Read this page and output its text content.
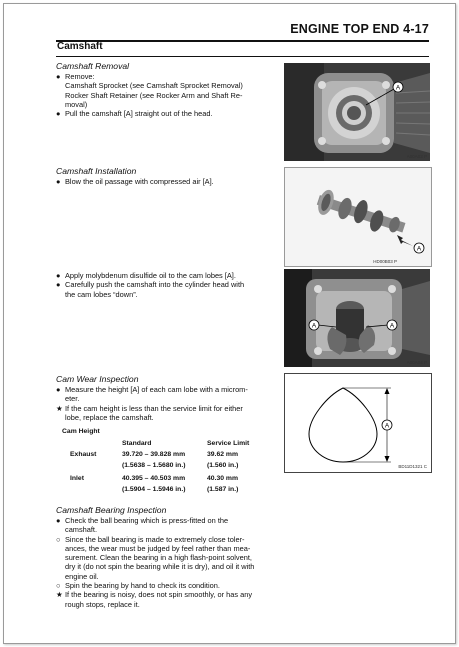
ENGINE TOP END 4-17
Camshaft
Camshaft Removal
● Remove:
Camshaft Sprocket (see Camshaft Sprocket Removal)
Rocker Shaft Retainer (see Rocker Arm and Shaft Re-
moval)
● Pull the camshaft [A] straight out of the head.
Camshaft Installation
● Blow the oil passage with compressed air [A].
● Apply molybdenum disulfide oil to the cam lobes [A].
● Carefully push the camshaft into the cylinder head with
the cam lobes “down”.
Cam Wear Inspection
● Measure the height [A] of each cam lobe with a microm-
eter.
★ If the cam height is less than the service limit for either
lobe, replace the camshaft.
Cam Height
Standard	Service Limit
Exhaust	39.720 – 39.828 mm	39.62 mm
(1.5638 – 1.5680 in.)	(1.560 in.)
Inlet	40.395 – 40.503 mm	40.30 mm
(1.5904 – 1.5946 in.)	(1.587 in.)
Camshaft Bearing Inspection
● Check the ball bearing which is press-fitted on the
camshaft.
○ Since the ball bearing is made to extremely close toler-
ances, the wear must be judged by feel rather than mea-
surement. Clean the bearing in a high flash-point solvent,
dry it (do not spin the bearing while it is dry), and oil it with
engine oil.
○ Spin the bearing by hand to check its condition.
★ If the bearing is noisy, does not spin smoothly, or has any
rough stops, replace it.
A
A00A03 P
A
HD00B03 P
A	A
A00A04 P
A
BD11D1321 C
